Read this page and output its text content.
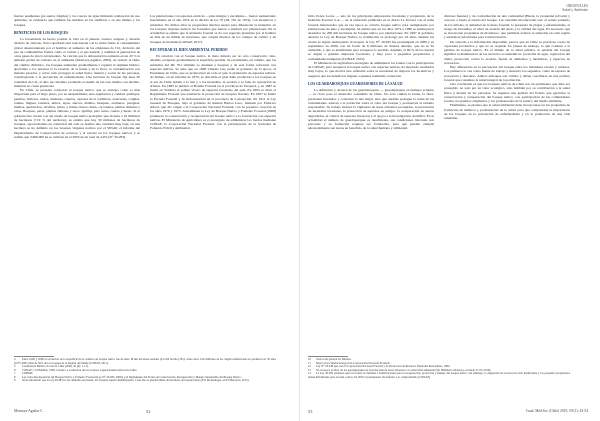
fuertes pendientes (en suelos frágiles) y los cauces de agua limitarán realización de uso aptitudes; se evidencia que también las mermas en las siembras o en sus límites y los bosques.

BENEFICIOS DE LOS BOSQUES

La fotosíntesis ha hecho posible la vida en el planeta. Genera oxígeno y absorbe dióxido de carbono. Esta capacidad está relacionada con la lucha frente al calentamiento global desencadenado por el hombre: el aumento de las emisiones de CO₂ derivado del uso de combustibles fósiles como el carbón y el gas natural, y también la generación de otros gases de efecto invernadero. Se calcula que la deforestación aumenta en un 20 % la emisión global de carbono en el ambiente (Montoya-Aguilar, 2009). Al reducir el ritmo del cambio climático, los bosques aumentan gradualmente y regulan el régimen hídrico, aportando a los terrenos la la erosión; de la fauna y de la flora, la contaminación con metales pesados, y sobre todo protegen la salud física, mental y social de las personas, contribuyendo a la prevención de enfermedades. Una hectárea de bosque fija unas 20 toneladas de CO₂ al año; un caballero promedio es dueño de tan solo media o un décimo, mientras no crean ganancias.

En Chile, se presenta conservar el bosque nativo, que se anticipa como lo más importante para el largo plazo, por su adaptabilidad, auto-regulación y calidad: quillayes, peumos, bellotos, robles, maitenes, canelos, cipreses de la cordillera, araucarias, coigües, raulíes, lingues, laureles, ulmos, tepas, alerces, mañíos, lleuques, avellanos, pataguas, mañíos, quebrachos, olivillos, pitras, y lumas, tineos, luma, corcolenes, palmas chilenas y otros. Bosques, patas, palmas chilenas y otros. Quillay, palo santo, canelo y hualo. Si el gobierno fue creado con 'un estado de bosque nativo protegido' que alcanza a 16 millones de hectáreas (>19 % del territorio), se estima que hay 30 millones de hectáreas de bosques, aprovechables en comercial del cual se destina una cantidad muy baja; en una hectárea se ha definido en los bosques vírgenes nativos por el SINAP, el informe del Departamento de Conservación de recursos y el rescate en los bosques nativos y se estima que 3.600.000 ha se cultivan en el 2005 de un total de 4,9% (N° 20.283).

Las plantaciones con especies exóticas —pino insigne y eucaliptus— fueron aumentando fuertemente en el año 1974 en la década de los 70 (DL 701 de 1974), con incentivos y subsidios. En dichos años se preparaban muchos suelos para diferenciar la industria: en los bosques vírgenes nativos las forestales que fueron a sustituir por plantaciones. En la actualidad se estima que la industria forestal se da con especies plantadas por el hombre en más de un millón de hectáreas, que ocupan muchos de los campos de cultivo y de bosques de montaña (CONAF, 2017).

RECUPERAR EL BIEN AMBIENTAL PERDIDO

En relación con el bosque nativo, la meta debería ser no solo conservarlo; sino, además, recuperar gradualmente la superficie perdida. Se recomienda, en cambio, que los subsidios del DL 701 también se destinen a bosques y de esta forma reforestar con especies nativas. Se sabe que en 1998 Claudio Gay pedía al gobierno de la época, el Presidente de Chile, que se promoviera en todo el país la plantación de especies nativas. Al tiempo, en un informe de 1879, se describía el gran daño producido a los bosques en el sur de Chile debido a la tala y a los incendios, la erosión y la falta de reposición de árboles. En 1885 se publicó el Boletín Forestal en la provincia de Tarapacá, y en 1887 se fundó en Valdivia el primer vivero de especies forestales del país. En 1893 se dictó el Reglamento Forestal que establecía la protección de bosques fiscales. En 1907 se fundó la Escuela Forestal y de Reforestación en la provincia de Concepción. En 1911 la Ley General de Bosques, bajo el gobierno de Ramón Barros Luco, fundada por Federico Albert, que dio origen a la Corporación Nacional Forestal, con su posterior creación en los años 1970 y 1973. Actualmente la Ley de Bosque Nativo y Fomento Forestal (2008) promueve la conservación y recuperación del bosque nativo y la forestación con especies nativas. El Ministerio de Agricultura es el encargado de administrar los fondos mediante CONAF, la Corporación Nacional Forestal, con la participación de la Sociedad de Fomento Fabril y Ambiental.

4 Entre 1990 y 2006 la evolución de la superficie de la cubierta de bosque nativo fue de unas 18 mil hectáreas anuales (4,4 mil ha/año). Hoy cubre unos 14,6 millones de ha. Según estimaciones se perdieron en 30 años (1975-2007) más de 50% de los bosques de la Región del Maule (CONAF, 2011).

5 Conferencia Médico-Social de Chile (2009, 45 (4): 1-13).

6 CONAF y CONAMA, 1999. Catastro y evaluación de los recursos vegetacionales nativos de Chile.

7 CORMA.

8 Ley sobre Recuperación del Bosque Nativo y Fomento Forestal (Ley N° 20.283, 2008), y el Reglamento del Fondo de Conservación, Recuperación y Manejo Sustentable del Bosque Nativo.

9 Se ha informado que la Ley 20.283 no ha cumplido sus metas; los bosques siguen disminuyendo. Cada año se pierden miles de hectáreas de bosque nativo (Pía Montealegre, en El Mercurio, 2015).

Montoya-Aguilar C.	52
ORIGINALES
Salud y Ambiente

Julio Ponce Lerou — uno de los principales empresarios forestales y propietario de la Industria Forestal S.A.— en la entrevista publicada en el diario La Tercera con el tema forestal mencionaba que en esa época se cortaba bosque nativo para reemplazarlo por plantaciones de pino y eucaliptus. Se estima que en los años 1974 a 1990 se sustituyeron alrededor de 200 mil hectáreas de bosque nativo por plantaciones. En 1997 el gobierno anunció la Ley de Bosque Nativo; la tramitación se prolongó por 16 años, durante los cuales se siguió destruyendo el bosque; la Ley N° 20.283 fue promulgada en 2008 y su reglamento en 2009, con un fondo de 8 millones de dólares anuales, que no se ha cumplido, y que es insuficiente para recuperar lo perdido. Además, el 60 % de los fondos se asigna a grandes empresas forestales, y muy poco a pequeños propietarios y comunidades indígenas (CONAF, 2015).

El Ministerio de Agricultura encargado de administrar los fondos con la participación de CONAF, para recuperar el bosque nativo con especies nativas, ha mostrado resultados muy bajos, lo que motiva una reflexión sobre la necesidad de mejorar los incentivos y asegurar que los beneficios lleguen a quienes realmente conservan.

LOS GUARDABOSQUES GUARDADORES DE LA SALUD

La definición y alcance de los guardabosques — guardaparques en tiempos actuales — es clave para el desarrollo sostenible de Chile. No solo cuidan la fauna, la flora, previenen incendios y controlan la tala ilegal, sino que además protegen la salud de las comunidades, educan a la población sobre el valor del bosque y promueven el turismo responsable. Su trabajo incluye la vigilancia de áreas silvestres protegidas, la prevención de incendios forestales, la protección de especies en peligro, la recuperación de suelos degradados, el control de especies invasoras y el apoyo a la investigación científica. En la actualidad el número de guardaparques es insuficiente, sus condiciones laborales son precarias y su formación requiere ser fortalecida, para que puedan cumplir adecuadamente sus tareas en beneficio de la salud humana y ambiental.

diversas fuentes) y de conformación de una comunidad (Hueta, la propiedad privada) y conocer a fondo el estado del bosque. Las variables involucradas son: el estado sanitario de los árboles, la densidad de la masa forestal, la presencia de plagas y enfermedades, el riesgo de incendios, el nivel de erosión del suelo y la calidad del agua. Es necesario que se incorporen programas de monitoreo, que permitan evaluar la situación en cada región y establecer prioridades para la intervención.

De acuerdo a la información disponible, parece que en Chile se practican cortes de capacidad productiva y que no se respetan los planes de manejo, lo que conduce a la pérdida de bosque nativo. En el ámbito de la salud pública, la pérdida del bosque significa la disminución de los servicios ecosistémicos: provisión de agua, regulación del clima, protección contra la erosión, fuente de alimentos y medicinas, y espacios de recreación.

Hay diferencias en la percepción del bosque entre los habitantes rurales y urbanos. Los primeros lo ven como fuente de trabajo y sustento; los segundos, como un espacio de recreación y descanso. Ambos enfoques son válidos y deben conciliarse en una política forestal que considere la salud integral de la población.

Una conclusión es que los bosques nativos de Chile son un patrimonio que debe ser protegido; no solo por su valor ecológico, sino también por su contribución a la salud física y mental de las personas. Se requiere una gestión del Estado que garantice la conservación y recuperación del bosque nativo, con participación de las comunidades locales, los pueblos originarios y los profesionales de la salud y del medio ambiente.

Finalmente, se plantea que la salud ambiental debe incorporarse en los programas de formación de médicos y profesionales de la salud, para que comprendan la importancia de los bosques en la prevención de enfermedades y en la promoción de una vida saludable.

10 Versos del general Ac Mireles.

11 https://www.fundacionsyg.cl/la-Corporación-Nacional-Forestal/.

12 Ley N° 18.348 que crea la Corporación Nacional Forestal y de Protección de Recursos Naturales Renovables, 1984.

13 Se reconoce la labor de los guardaparques en la protección de áreas silvestres y la educación ambiental (Dr. Humberto Montoya, revisado 27-05-2016).

14 La Ley 20.283 establece que los fondos se destinen a bonificaciones para la recuperación, protección y manejo del bosque nativo; sin embargo, la asignación de recursos ha sido insuficiente y los pequeños propietarios tienen dificultades para acceder a ellos. En 2016 el presupuesto fue inferior a lo comprometido (CONAF).

53	Cuad. Méd Soc (Chile) 2019, 59 (1): 43-54
